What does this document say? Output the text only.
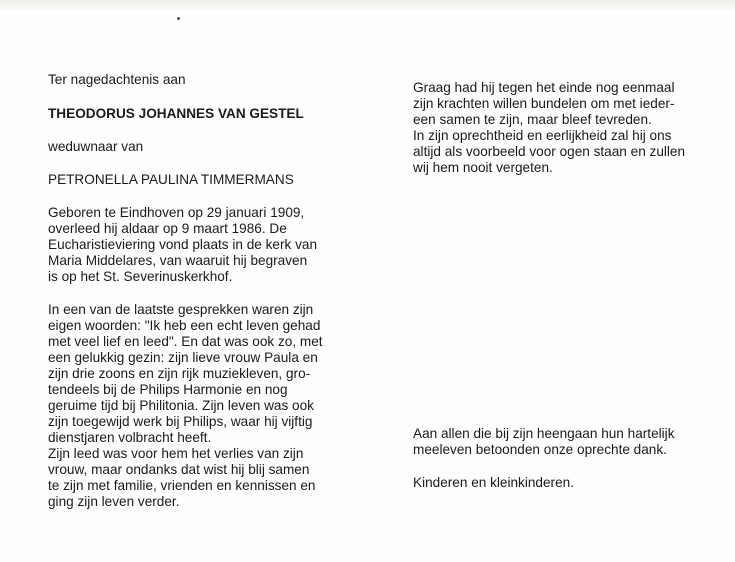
Ter nagedachtenis aan

THEODORUS JOHANNES VAN GESTEL

weduwnaar van

PETRONELLA PAULINA TIMMERMANS

Geboren te Eindhoven op 29 januari 1909,

overleed hij aldaar op 9 maart 1986. De

Eucharistieviering vond plaats in de kerk van

Maria Middelares, van waaruit hij begraven

is op het St. Severinuskerkhof.

In een van de laatste gesprekken waren zijn

eigen woorden: "Ik heb een echt leven gehad

met veel lief en leed". En dat was ook zo, met

een gelukkig gezin: zijn lieve vrouw Paula en

zijn drie zoons en zijn rijk muziekleven, gro-

tendeels bij de Philips Harmonie en nog

geruime tijd bij Philitonia. Zijn leven was ook

zijn toegewijd werk bij Philips, waar hij vijftig

dienstjaren volbracht heeft.

Zijn leed was voor hem het verlies van zijn

vrouw, maar ondanks dat wist hij blij samen

te zijn met familie, vrienden en kennissen en

ging zijn leven verder.

Graag had hij tegen het einde nog eenmaal

zijn krachten willen bundelen om met ieder-

een samen te zijn, maar bleef tevreden.

In zijn oprechtheid en eerlijkheid zal hij ons

altijd als voorbeeld voor ogen staan en zullen

wij hem nooit vergeten.

Aan allen die bij zijn heengaan hun hartelijk

meeleven betoonden onze oprechte dank.

Kinderen en kleinkinderen.
